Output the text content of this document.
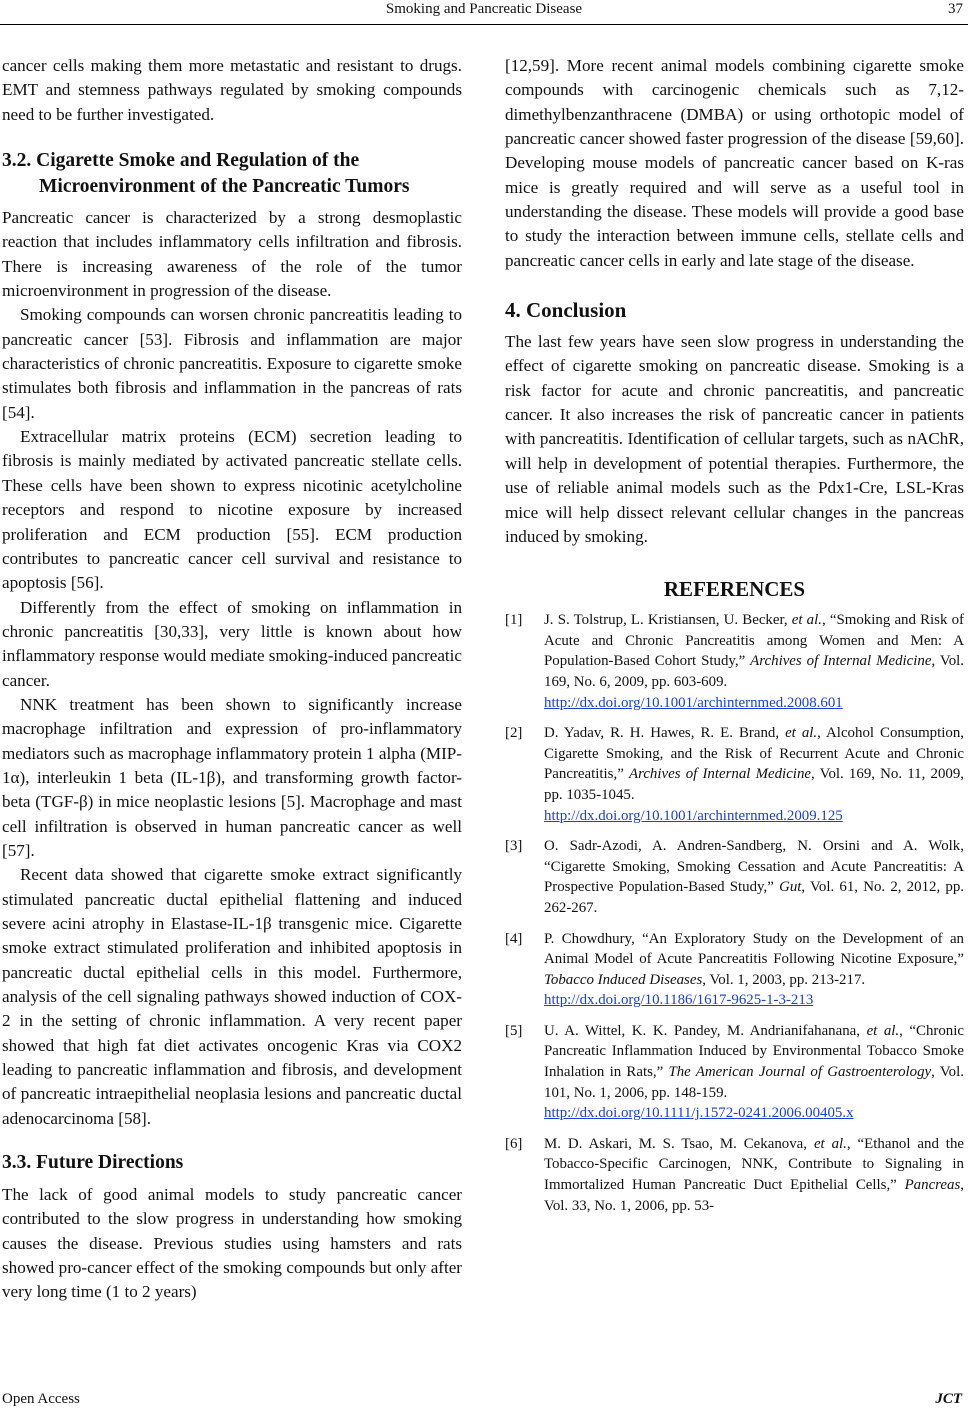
Smoking and Pancreatic Disease	37

cancer cells making them more metastatic and resistant to drugs. EMT and stemness pathways regulated by smoking compounds need to be further investigated.

3.2. Cigarette Smoke and Regulation of the
Microenvironment of the Pancreatic Tumors

Pancreatic cancer is characterized by a strong desmoplastic reaction that includes inflammatory cells infiltration and fibrosis. There is increasing awareness of the role of the tumor microenvironment in progression of the disease.

Smoking compounds can worsen chronic pancreatitis leading to pancreatic cancer [53]. Fibrosis and inflammation are major characteristics of chronic pancreatitis. Exposure to cigarette smoke stimulates both fibrosis and inflammation in the pancreas of rats [54].

Extracellular matrix proteins (ECM) secretion leading to fibrosis is mainly mediated by activated pancreatic stellate cells. These cells have been shown to express nicotinic acetylcholine receptors and respond to nicotine exposure by increased proliferation and ECM production [55]. ECM production contributes to pancreatic cancer cell survival and resistance to apoptosis [56].

Differently from the effect of smoking on inflammation in chronic pancreatitis [30,33], very little is known about how inflammatory response would mediate smoking-induced pancreatic cancer.

NNK treatment has been shown to significantly increase macrophage infiltration and expression of pro-inflammatory mediators such as macrophage inflammatory protein 1 alpha (MIP-1α), interleukin 1 beta (IL-1β), and transforming growth factor-beta (TGF-β) in mice neoplastic lesions [5]. Macrophage and mast cell infiltration is observed in human pancreatic cancer as well [57].

Recent data showed that cigarette smoke extract significantly stimulated pancreatic ductal epithelial flattening and induced severe acini atrophy in Elastase-IL-1β transgenic mice. Cigarette smoke extract stimulated proliferation and inhibited apoptosis in pancreatic ductal epithelial cells in this model. Furthermore, analysis of the cell signaling pathways showed induction of COX-2 in the setting of chronic inflammation. A very recent paper showed that high fat diet activates oncogenic Kras via COX2 leading to pancreatic inflammation and fibrosis, and development of pancreatic intraepithelial neoplasia lesions and pancreatic ductal adenocarcinoma [58].

3.3. Future Directions

The lack of good animal models to study pancreatic cancer contributed to the slow progress in understanding how smoking causes the disease. Previous studies using hamsters and rats showed pro-cancer effect of the smoking compounds but only after very long time (1 to 2 years)

[12,59]. More recent animal models combining cigarette smoke compounds with carcinogenic chemicals such as 7,12-dimethylbenzanthracene (DMBA) or using orthotopic model of pancreatic cancer showed faster progression of the disease [59,60]. Developing mouse models of pancreatic cancer based on K-ras mice is greatly required and will serve as a useful tool in understanding the disease. These models will provide a good base to study the interaction between immune cells, stellate cells and pancreatic cancer cells in early and late stage of the disease.

4. Conclusion

The last few years have seen slow progress in understanding the effect of cigarette smoking on pancreatic disease. Smoking is a risk factor for acute and chronic pancreatitis, and pancreatic cancer. It also increases the risk of pancreatic cancer in patients with pancreatitis. Identification of cellular targets, such as nAChR, will help in development of potential therapies. Furthermore, the use of reliable animal models such as the Pdx1-Cre, LSL-Kras mice will help dissect relevant cellular changes in the pancreas induced by smoking.

REFERENCES
[1] J. S. Tolstrup, L. Kristiansen, U. Becker, et al., “Smoking and Risk of Acute and Chronic Pancreatitis among Women and Men: A Population-Based Cohort Study,” Archives of Internal Medicine, Vol. 169, No. 6, 2009, pp. 603-609.
http://dx.doi.org/10.1001/archinternmed.2008.601
[2] D. Yadav, R. H. Hawes, R. E. Brand, et al., Alcohol Consumption, Cigarette Smoking, and the Risk of Recurrent Acute and Chronic Pancreatitis,” Archives of Internal Medicine, Vol. 169, No. 11, 2009, pp. 1035-1045.
http://dx.doi.org/10.1001/archinternmed.2009.125
[3] O. Sadr-Azodi, A. Andren-Sandberg, N. Orsini and A. Wolk, “Cigarette Smoking, Smoking Cessation and Acute Pancreatitis: A Prospective Population-Based Study,” Gut, Vol. 61, No. 2, 2012, pp. 262-267.
[4] P. Chowdhury, “An Exploratory Study on the Development of an Animal Model of Acute Pancreatitis Following Nicotine Exposure,” Tobacco Induced Diseases, Vol. 1, 2003, pp. 213-217.
http://dx.doi.org/10.1186/1617-9625-1-3-213
[5] U. A. Wittel, K. K. Pandey, M. Andrianifahanana, et al., “Chronic Pancreatic Inflammation Induced by Environmental Tobacco Smoke Inhalation in Rats,” The American Journal of Gastroenterology, Vol. 101, No. 1, 2006, pp. 148-159.
http://dx.doi.org/10.1111/j.1572-0241.2006.00405.x
[6] M. D. Askari, M. S. Tsao, M. Cekanova, et al., “Ethanol and the Tobacco-Specific Carcinogen, NNK, Contribute to Signaling in Immortalized Human Pancreatic Duct Epithelial Cells,” Pancreas, Vol. 33, No. 1, 2006, pp. 53-
Open Access	JCT
